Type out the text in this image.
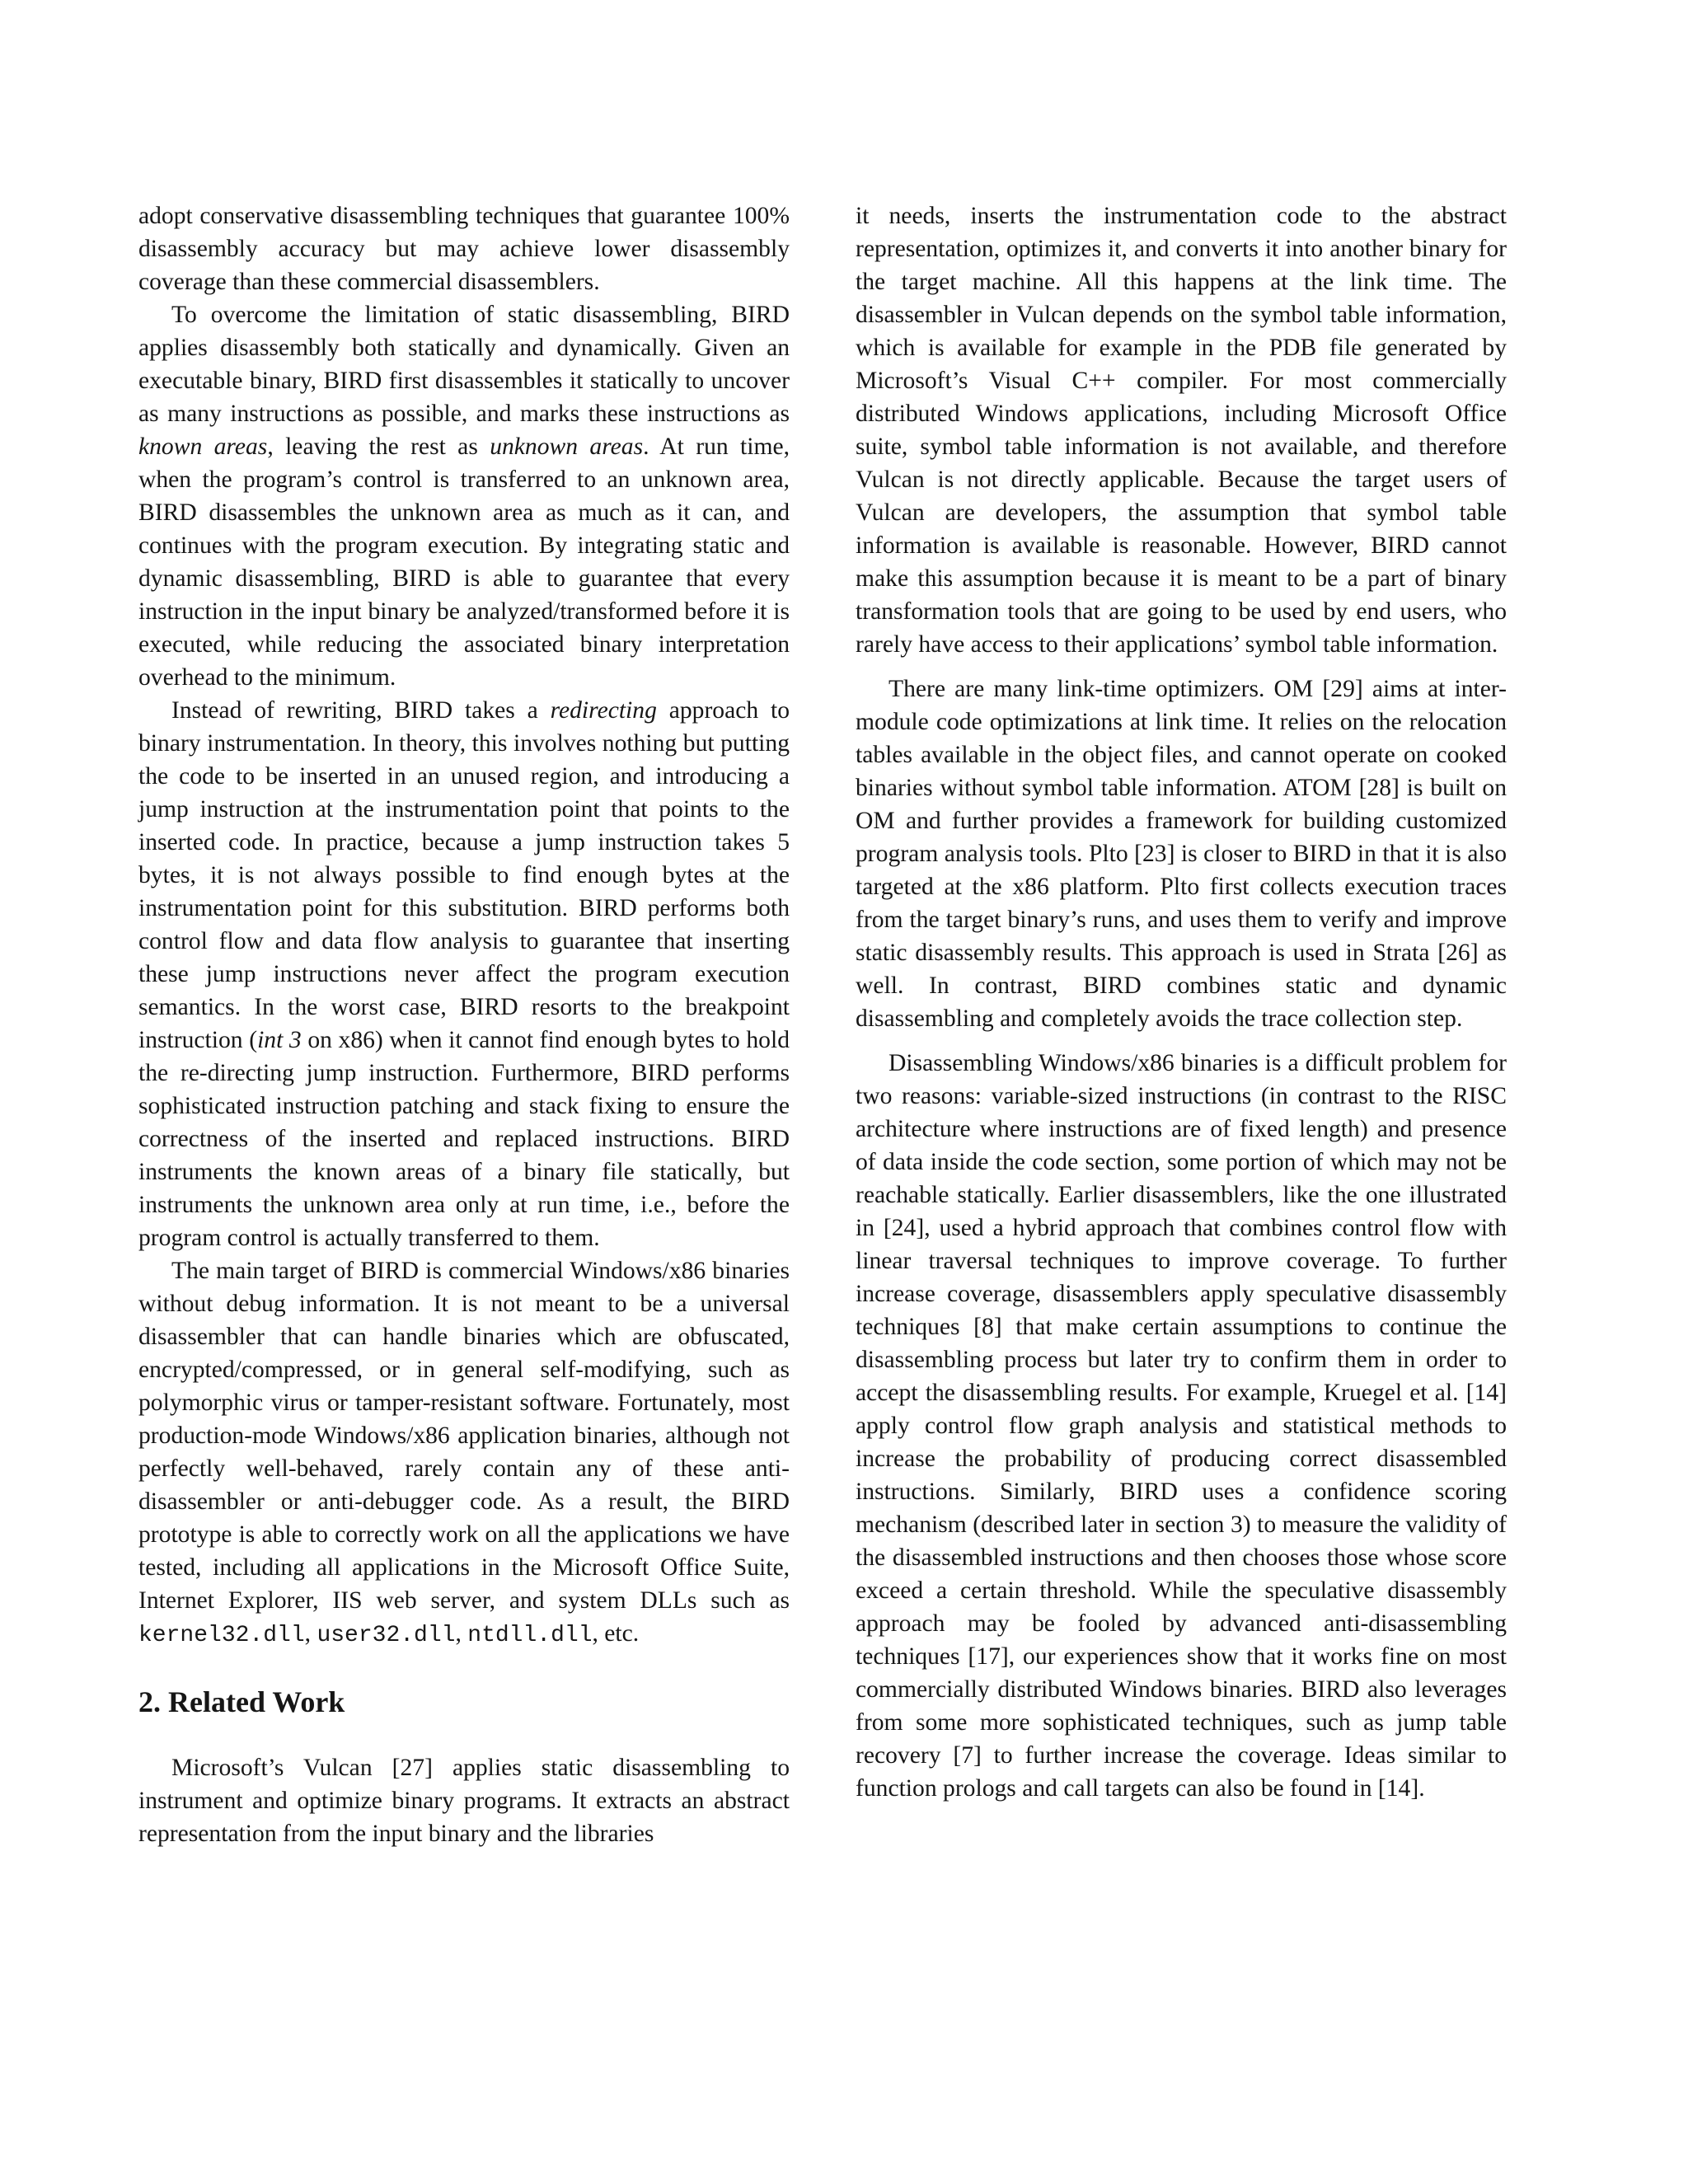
adopt conservative disassembling techniques that guarantee 100% disassembly accuracy but may achieve lower disassembly coverage than these commercial disassemblers.

To overcome the limitation of static disassembling, BIRD applies disassembly both statically and dynamically. Given an executable binary, BIRD first disassembles it statically to uncover as many instructions as possible, and marks these instructions as known areas, leaving the rest as unknown areas. At run time, when the program’s control is transferred to an unknown area, BIRD disassembles the unknown area as much as it can, and continues with the program execution. By integrating static and dynamic disassembling, BIRD is able to guarantee that every instruction in the input binary be analyzed/transformed before it is executed, while reducing the associated binary interpretation overhead to the minimum.

Instead of rewriting, BIRD takes a redirecting approach to binary instrumentation. In theory, this involves nothing but putting the code to be inserted in an unused region, and introducing a jump instruction at the instrumentation point that points to the inserted code. In practice, because a jump instruction takes 5 bytes, it is not always possible to find enough bytes at the instrumentation point for this substitution. BIRD performs both control flow and data flow analysis to guarantee that inserting these jump instructions never affect the program execution semantics. In the worst case, BIRD resorts to the breakpoint instruction (int 3 on x86) when it cannot find enough bytes to hold the re-directing jump instruction. Furthermore, BIRD performs sophisticated instruction patching and stack fixing to ensure the correctness of the inserted and replaced instructions. BIRD instruments the known areas of a binary file statically, but instruments the unknown area only at run time, i.e., before the program control is actually transferred to them.

The main target of BIRD is commercial Windows/x86 binaries without debug information. It is not meant to be a universal disassembler that can handle binaries which are obfuscated, encrypted/compressed, or in general self-modifying, such as polymorphic virus or tamper-resistant software. Fortunately, most production-mode Windows/x86 application binaries, although not perfectly well-behaved, rarely contain any of these anti-disassembler or anti-debugger code. As a result, the BIRD prototype is able to correctly work on all the applications we have tested, including all applications in the Microsoft Office Suite, Internet Explorer, IIS web server, and system DLLs such as kernel32.dll, user32.dll, ntdll.dll, etc.

2. Related Work

Microsoft’s Vulcan [27] applies static disassembling to instrument and optimize binary programs. It extracts an abstract representation from the input binary and the libraries

it needs, inserts the instrumentation code to the abstract representation, optimizes it, and converts it into another binary for the target machine. All this happens at the link time. The disassembler in Vulcan depends on the symbol table information, which is available for example in the PDB file generated by Microsoft’s Visual C++ compiler. For most commercially distributed Windows applications, including Microsoft Office suite, symbol table information is not available, and therefore Vulcan is not directly applicable. Because the target users of Vulcan are developers, the assumption that symbol table information is available is reasonable. However, BIRD cannot make this assumption because it is meant to be a part of binary transformation tools that are going to be used by end users, who rarely have access to their applications’ symbol table information.

There are many link-time optimizers. OM [29] aims at inter-module code optimizations at link time. It relies on the relocation tables available in the object files, and cannot operate on cooked binaries without symbol table information. ATOM [28] is built on OM and further provides a framework for building customized program analysis tools. Plto [23] is closer to BIRD in that it is also targeted at the x86 platform. Plto first collects execution traces from the target binary’s runs, and uses them to verify and improve static disassembly results. This approach is used in Strata [26] as well. In contrast, BIRD combines static and dynamic disassembling and completely avoids the trace collection step.

Disassembling Windows/x86 binaries is a difficult problem for two reasons: variable-sized instructions (in contrast to the RISC architecture where instructions are of fixed length) and presence of data inside the code section, some portion of which may not be reachable statically. Earlier disassemblers, like the one illustrated in [24], used a hybrid approach that combines control flow with linear traversal techniques to improve coverage. To further increase coverage, disassemblers apply speculative disassembly techniques [8] that make certain assumptions to continue the disassembling process but later try to confirm them in order to accept the disassembling results. For example, Kruegel et al. [14] apply control flow graph analysis and statistical methods to increase the probability of producing correct disassembled instructions. Similarly, BIRD uses a confidence scoring mechanism (described later in section 3) to measure the validity of the disassembled instructions and then chooses those whose score exceed a certain threshold. While the speculative disassembly approach may be fooled by advanced anti-disassembling techniques [17], our experiences show that it works fine on most commercially distributed Windows binaries. BIRD also leverages from some more sophisticated techniques, such as jump table recovery [7] to further increase the coverage. Ideas similar to function prologs and call targets can also be found in [14].
